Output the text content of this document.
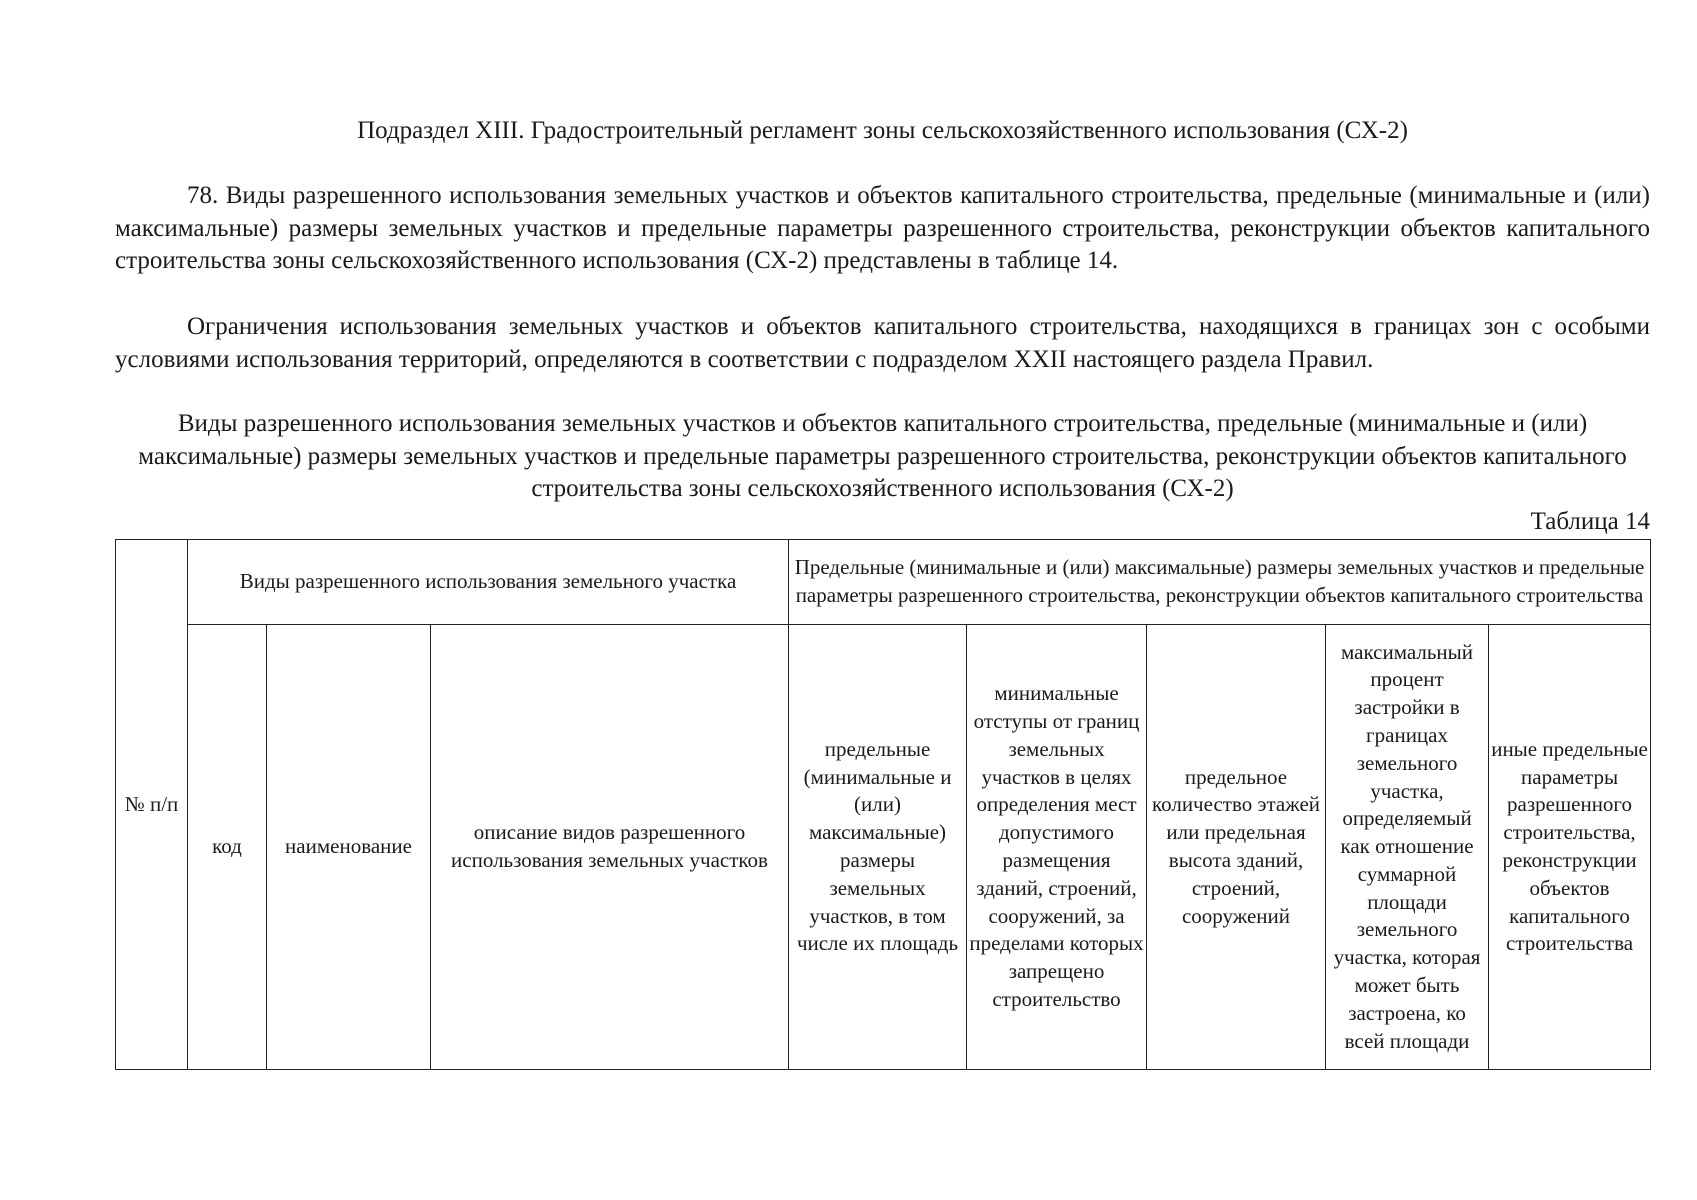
Подраздел XIII. Градостроительный регламент зоны сельскохозяйственного использования (СХ-2)

78. Виды разрешенного использования земельных участков и объектов капитального строительства, предельные (минимальные и (или) максимальные) размеры земельных участков и предельные параметры разрешенного строительства, реконструкции объектов капитального строительства зоны сельскохозяйственного использования (СХ-2) представлены в таблице 14.

Ограничения использования земельных участков и объектов капитального строительства, находящихся в границах зон с особыми условиями использования территорий, определяются в соответствии с подразделом XXII настоящего раздела Правил.

Виды разрешенного использования земельных участков и объектов капитального строительства, предельные (минимальные и (или) максимальные) размеры земельных участков и предельные параметры разрешенного строительства, реконструкции объектов капитального строительства зоны сельскохозяйственного использования (СХ-2)

Таблица 14
№ п/п	Виды разрешенного использования земельного участка			Предельные (минимальные и (или) максимальные) размеры земельных участков и предельные параметры разрешенного строительства, реконструкции объектов капитального строительства				
	код	наименование	описание видов разрешенного использования земельных участков	предельные (минимальные и (или) максимальные) размеры земельных участков, в том числе их площадь	минимальные отступы от границ земельных участков в целях определения мест допустимого размещения зданий, строений, сооружений, за пределами которых запрещено строительство	предельное количество этажей или предельная высота зданий, строений, сооружений	максимальный процент застройки в границах земельного участка, определяемый как отношение суммарной площади земельного участка, которая может быть застроена, ко всей площади	иные предельные параметры разрешенного строительства, реконструкции объектов капитального строительства
